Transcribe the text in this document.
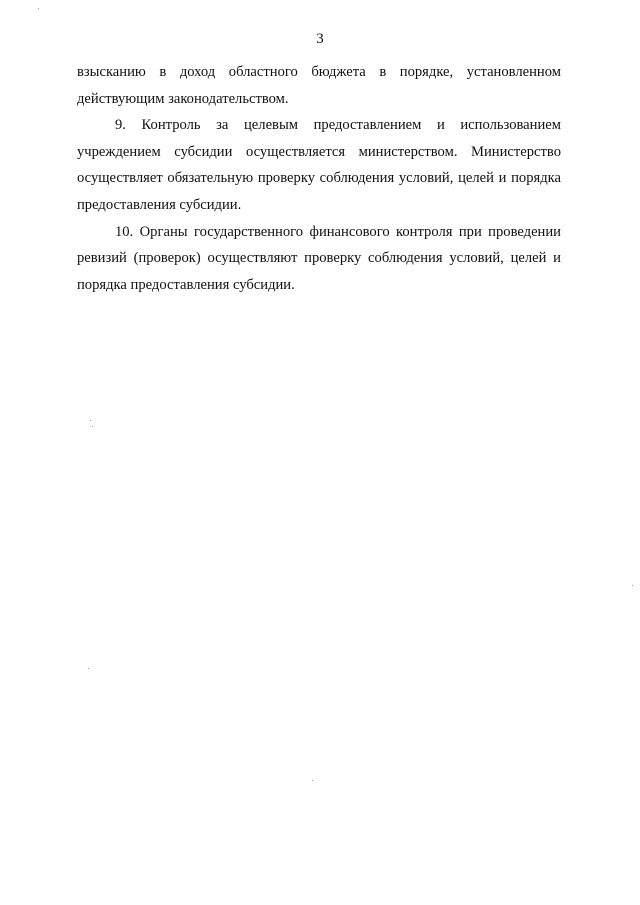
3

взысканию в доход областного бюджета в порядке, установленном действующим законодательством.

9. Контроль за целевым предоставлением и использованием учреждением субсидии осуществляется министерством. Министерство осуществляет обязательную проверку соблюдения условий, целей и порядка предоставления субсидии.

10. Органы государственного финансового контроля при проведении ревизий (проверок) осуществляют проверку соблюдения условий, целей и порядка предоставления субсидии.
